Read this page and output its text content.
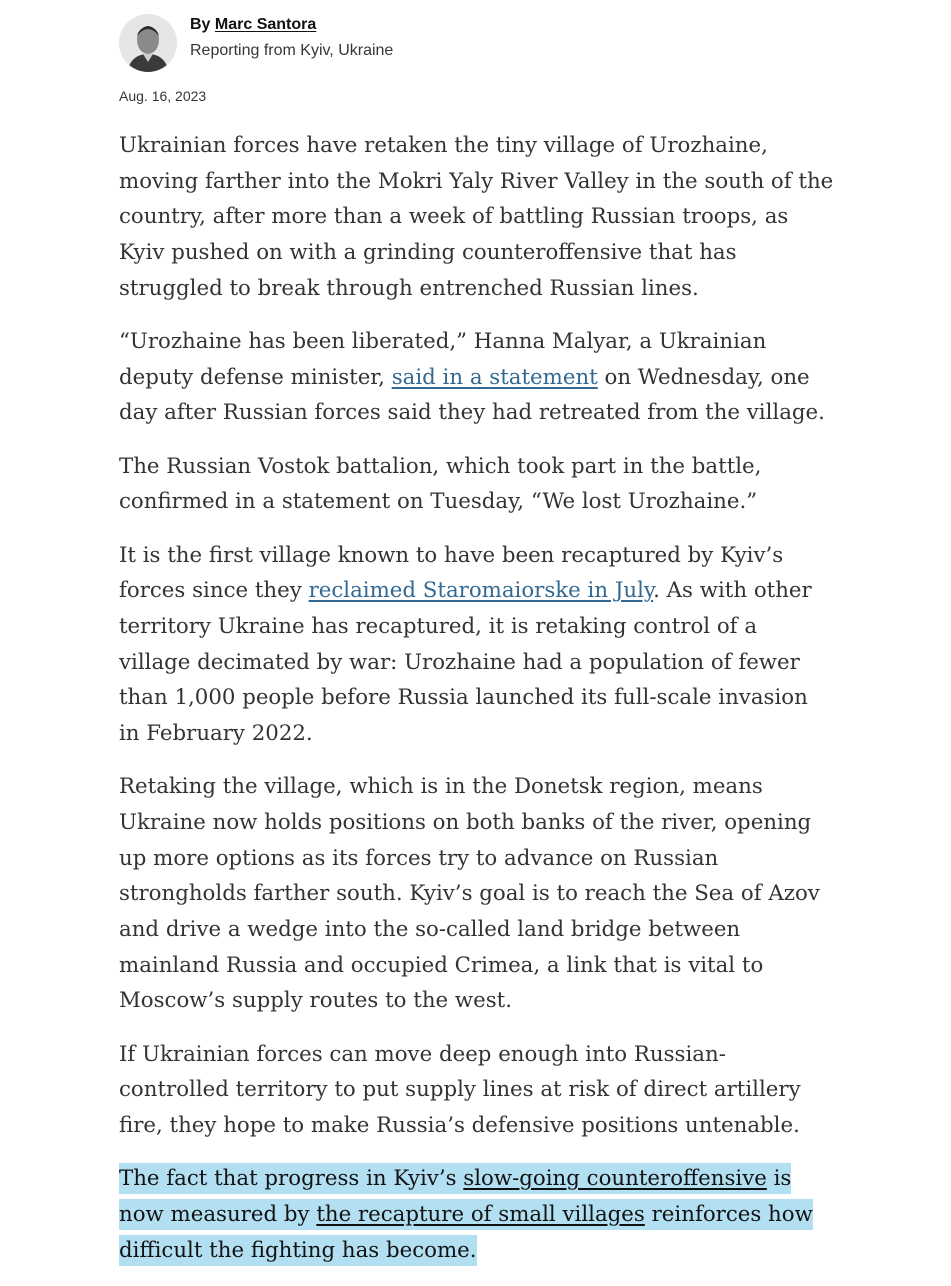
By Marc Santora
Reporting from Kyiv, Ukraine
Aug. 16, 2023

Ukrainian forces have retaken the tiny village of Urozhaine, moving farther into the Mokri Yaly River Valley in the south of the country, after more than a week of battling Russian troops, as Kyiv pushed on with a grinding counteroffensive that has struggled to break through entrenched Russian lines.

“Urozhaine has been liberated,” Hanna Malyar, a Ukrainian deputy defense minister, said in a statement on Wednesday, one day after Russian forces said they had retreated from the village.

The Russian Vostok battalion, which took part in the battle, confirmed in a statement on Tuesday, “We lost Urozhaine.”

It is the first village known to have been recaptured by Kyiv’s forces since they reclaimed Staromaiorske in July. As with other territory Ukraine has recaptured, it is retaking control of a village decimated by war: Urozhaine had a population of fewer than 1,000 people before Russia launched its full-scale invasion in February 2022.

Retaking the village, which is in the Donetsk region, means Ukraine now holds positions on both banks of the river, opening up more options as its forces try to advance on Russian strongholds farther south. Kyiv’s goal is to reach the Sea of Azov and drive a wedge into the so-called land bridge between mainland Russia and occupied Crimea, a link that is vital to Moscow’s supply routes to the west.

If Ukrainian forces can move deep enough into Russian-controlled territory to put supply lines at risk of direct artillery fire, they hope to make Russia’s defensive positions untenable.

The fact that progress in Kyiv’s slow-going counteroffensive is now measured by the recapture of small villages reinforces how difficult the fighting has become.
